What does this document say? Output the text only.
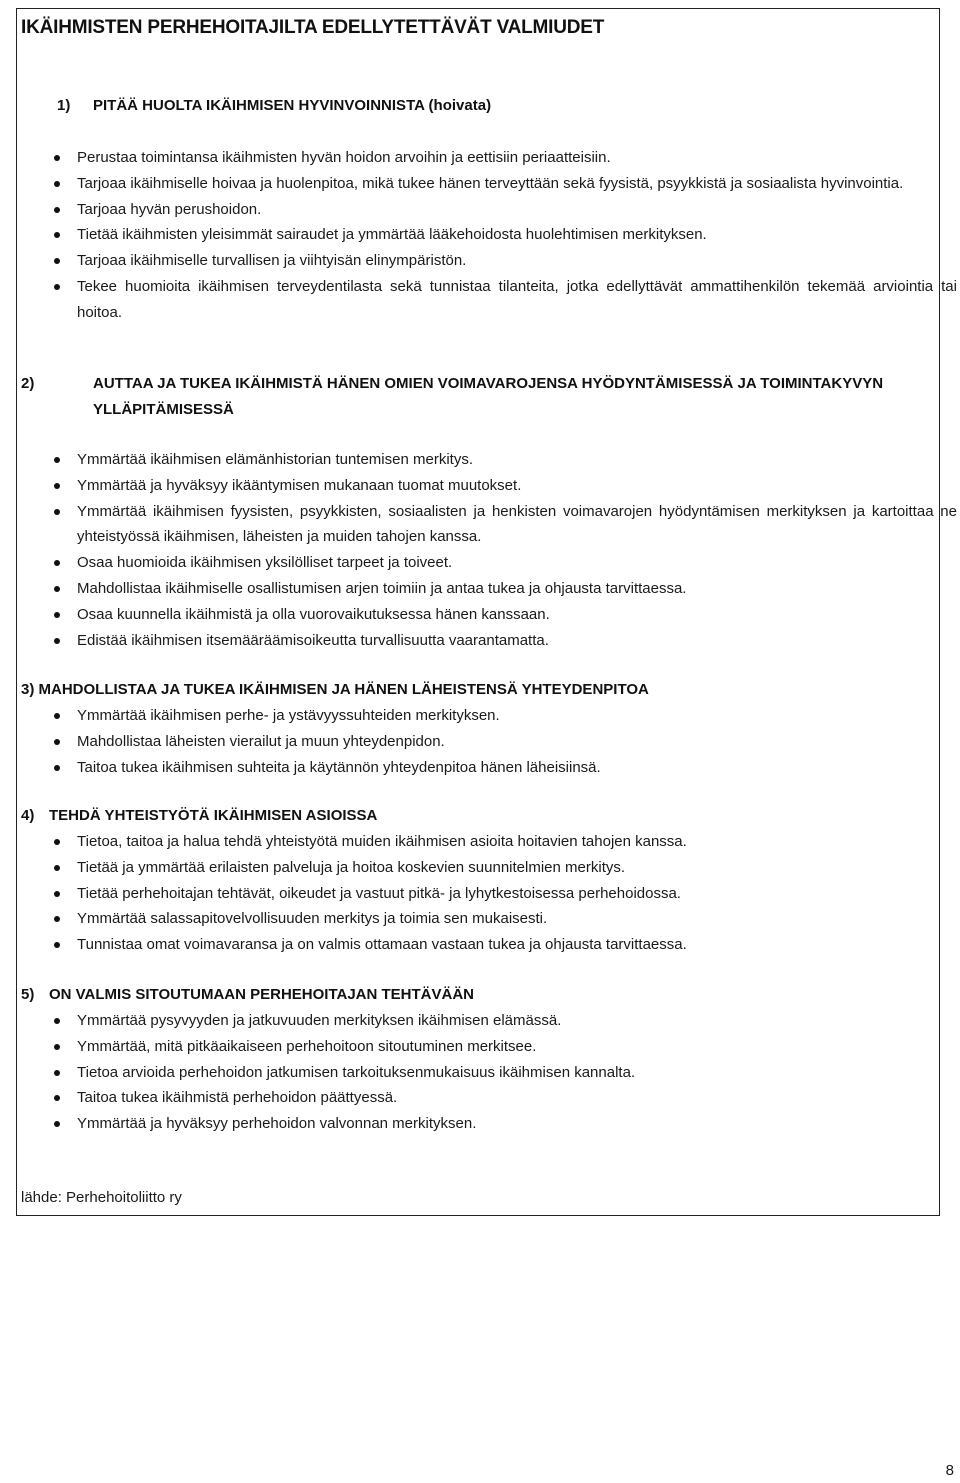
IKÄIHMISTEN PERHEHOITAJILTA EDELLYTETTÄVÄT VALMIUDET
1) PITÄÄ HUOLTA IKÄIHMISEN HYVINVOINNISTA (hoivata)
Perustaa toimintansa ikäihmisten hyvän hoidon arvoihin ja eettisiin periaatteisiin.
Tarjoaa ikäihmiselle hoivaa ja huolenpitoa, mikä tukee hänen terveyttään sekä fyysistä, psyykkistä ja sosiaalista hyvinvointia.
Tarjoaa hyvän perushoidon.
Tietää ikäihmisten yleisimmät sairaudet ja ymmärtää lääkehoidosta huolehtimisen merkityksen.
Tarjoaa ikäihmiselle turvallisen ja viihtyisän elinympäristön.
Tekee huomioita ikäihmisen terveydentilasta sekä tunnistaa tilanteita, jotka edellyttävät ammattihenkilön tekemää arviointia tai hoitoa.
2)	AUTTAA JA TUKEA IKÄIHMISTÄ HÄNEN OMIEN VOIMAVAROJENSA HYÖDYNTÄMISESSÄ JA TOIMINTAKYVYN YLLÄPITÄMISESSÄ
Ymmärtää ikäihmisen elämänhistorian tuntemisen merkitys.
Ymmärtää ja hyväksyy ikääntymisen mukanaan tuomat muutokset.
Ymmärtää ikäihmisen fyysisten, psyykkisten, sosiaalisten ja henkisten voimavarojen hyödyntämisen merkityksen ja kartoittaa ne yhteistyössä ikäihmisen, läheisten ja muiden tahojen kanssa.
Osaa huomioida ikäihmisen yksilölliset tarpeet ja toiveet.
Mahdollistaa ikäihmiselle osallistumisen arjen toimiin ja antaa tukea ja ohjausta tarvittaessa.
Osaa kuunnella ikäihmistä ja olla vuorovaikutuksessa hänen kanssaan.
Edistää ikäihmisen itsemääräämisoikeutta turvallisuutta vaarantamatta.
3) MAHDOLLISTAA JA TUKEA IKÄIHMISEN JA HÄNEN LÄHEISTENSÄ YHTEYDENPITOA
Ymmärtää ikäihmisen perhe- ja ystävyyssuhteiden merkityksen.
Mahdollistaa läheisten vierailut ja muun yhteydenpidon.
Taitoa tukea ikäihmisen suhteita ja käytännön yhteydenpitoa hänen läheisiinsä.
4) TEHDÄ YHTEISTYÖTÄ IKÄIHMISEN ASIOISSA
Tietoa, taitoa ja halua tehdä yhteistyötä muiden ikäihmisen asioita hoitavien tahojen kanssa.
Tietää ja ymmärtää erilaisten palveluja ja hoitoa koskevien suunnitelmien merkitys.
Tietää perhehoitajan tehtävät, oikeudet ja vastuut pitkä- ja lyhytkestoisessa perhehoidossa.
Ymmärtää salassapitovelvollisuuden merkitys ja toimia sen mukaisesti.
Tunnistaa omat voimavaransa ja on valmis ottamaan vastaan tukea ja ohjausta tarvittaessa.
5) ON VALMIS SITOUTUMAAN PERHEHOITAJAN TEHTÄVÄÄN
Ymmärtää pysyvyyden ja jatkuvuuden merkityksen ikäihmisen elämässä.
Ymmärtää, mitä pitkäaikaiseen perhehoitoon sitoutuminen merkitsee.
Tietoa arvioida perhehoidon jatkumisen tarkoituksenmukaisuus ikäihmisen kannalta.
Taitoa tukea ikäihmistä perhehoidon päättyessä.
Ymmärtää ja hyväksyy perhehoidon valvonnan merkityksen.
lähde: Perhehoitoliitto ry
8
